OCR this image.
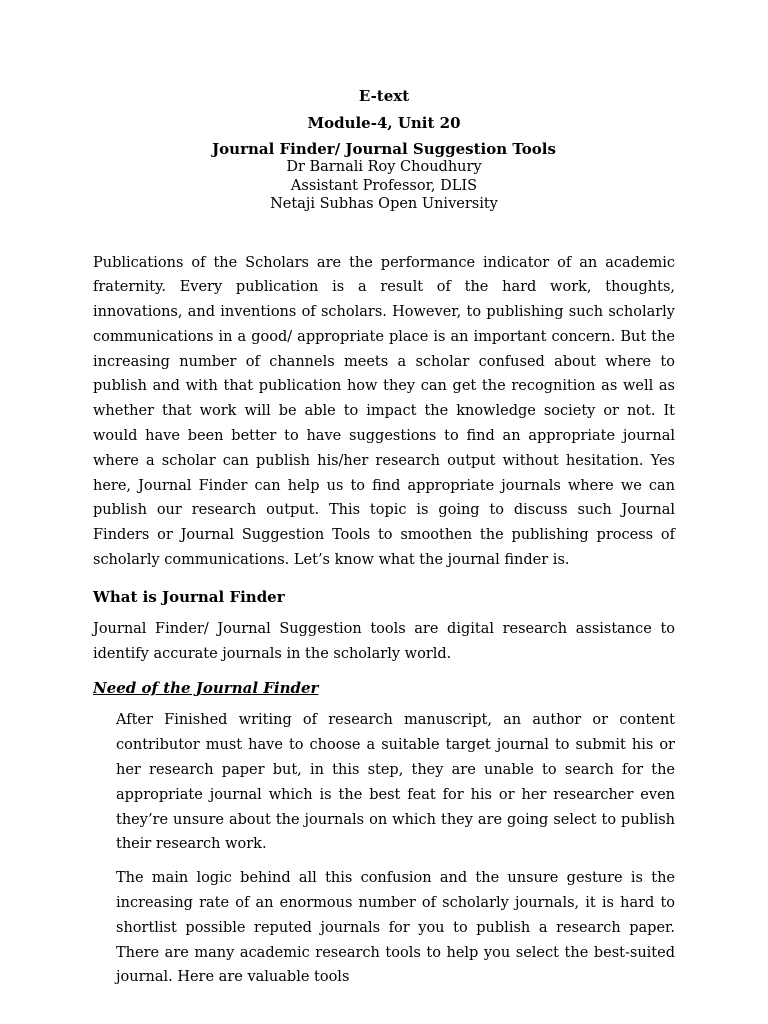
E-text

Module-4, Unit 20

Journal Finder/ Journal Suggestion Tools

Dr Barnali Roy Choudhury

Assistant Professor, DLIS

Netaji Subhas Open University

Publications of the Scholars are the performance indicator of an academic fraternity. Every publication is a result of the hard work, thoughts, innovations, and inventions of scholars. However, to publishing such scholarly communications in a good/ appropriate place is an important concern. But the increasing number of channels meets a scholar confused about where to publish and with that publication how they can get the recognition as well as whether that work will be able to impact the knowledge society or not. It would have been better to have suggestions to find an appropriate journal where a scholar can publish his/her research output without hesitation. Yes here, Journal Finder can help us to find appropriate journals where we can publish our research output. This topic is going to discuss such Journal Finders or Journal Suggestion Tools to smoothen the publishing process of scholarly communications. Let’s know what the journal finder is.

What is Journal Finder

Journal Finder/ Journal Suggestion tools are digital research assistance to identify accurate journals in the scholarly world.

Need of the Journal Finder

After Finished writing of research manuscript, an author or content contributor must have to choose a suitable target journal to submit his or her research paper but, in this step, they are unable to search for the appropriate journal which is the best feat for his or her researcher even they’re unsure about the journals on which they are going select to publish their research work.

The main logic behind all this confusion and the unsure gesture is the increasing rate of an enormous number of scholarly journals, it is hard to shortlist possible reputed journals for you to publish a research paper. There are many academic research tools to help you select the best-suited journal. Here are valuable tools
